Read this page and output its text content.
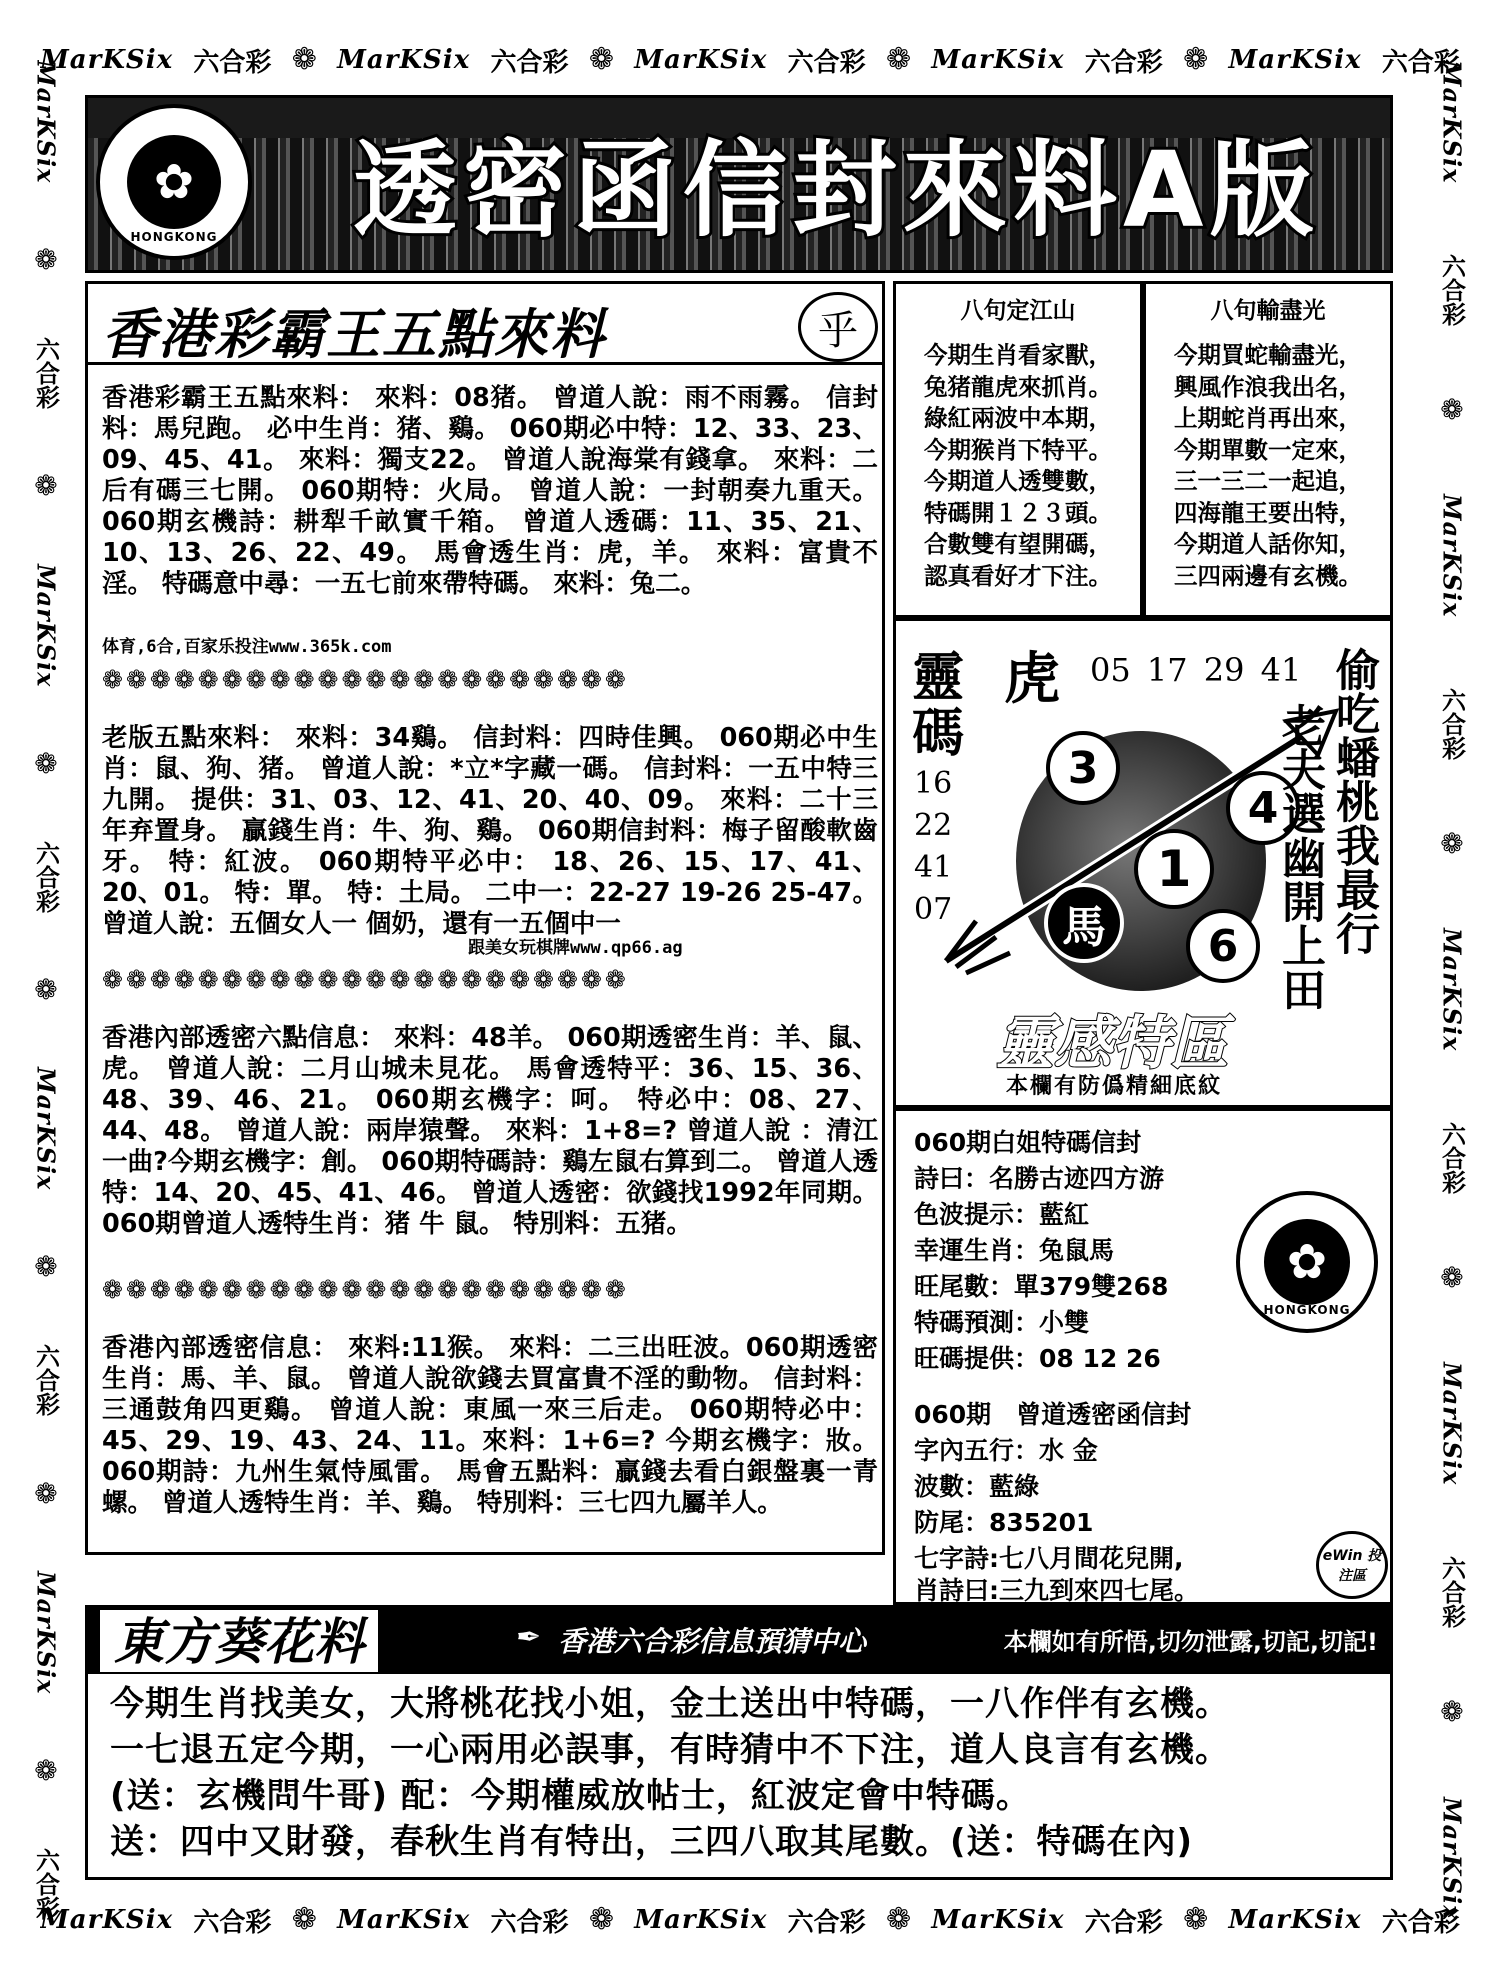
MarKSix 六合彩 ❁ MarKSix 六合彩 ❁ MarKSix 六合彩 ❁ MarKSix 六合彩 ❁ MarKSix 六合彩
MarKSix 六合彩 ❁ MarKSix 六合彩 ❁ MarKSix 六合彩 ❁ MarKSix 六合彩 ❁ MarKSix 六合彩
MarKSix
❁
六合彩
❁
MarKSix
❁
六合彩
❁
MarKSix
❁
六合彩
❁
MarKSix
❁
六合彩
MarKSix
六合彩
❁
MarKSix
六合彩
❁
MarKSix
六合彩
❁
MarKSix
六合彩
❁
MarKSix
✿
HONGKONG 透密函信封來料A版
香港彩霸王五點來料	乎
香港彩霸王五點來料： 來料：08猪。 曾道人說：雨不雨霧。 信封料：馬兒跑。 必中生肖：猪、鷄。 060期必中特：12、33、23、09、45、41。 來料：獨支22。 曾道人說海棠有錢拿。 來料：二后有碼三七開。 060期特：火局。 曾道人說：一封朝奏九重天。 060期玄機詩：耕犁千畝實千箱。 曾道人透碼：11、35、21、10、13、26、22、49。 馬會透生肖：虎，羊。 來料：富貴不淫。 特碼意中尋：一五七前來帶特碼。 來料：兔二。
体育,6合,百家乐投注www.365k.com
❁❁❁❁❁❁❁❁❁❁❁❁❁❁❁❁❁❁❁❁❁❁
老版五點來料： 來料：34鷄。 信封料：四時佳興。 060期必中生肖：鼠、狗、猪。 曾道人說：*立*字藏一碼。 信封料：一五中特三九開。 提供：31、03、12、41、20、40、09。 來料：二十三年弃置身。 贏錢生肖：牛、狗、鷄。 060期信封料：梅子留酸軟齒牙。 特：紅波。 060期特平必中： 18、26、15、17、41、20、01。 特：單。 特：土局。 二中一：22-27 19-26 25-47。 曾道人說：五個女人一 個奶，還有一五個中一
跟美女玩棋牌www.qp66.ag
❁❁❁❁❁❁❁❁❁❁❁❁❁❁❁❁❁❁❁❁❁❁
香港內部透密六點信息： 來料：48羊。 060期透密生肖：羊、鼠、虎。 曾道人說：二月山城未見花。 馬會透特平：36、15、36、48、39、46、21。 060期玄機字：呵。 特必中：08、27、44、48。 曾道人說：兩岸猿聲。 來料：1+8=? 曾道人說 ：清江一曲?今期玄機字：創。 060期特碼詩：鷄左鼠右算到二。 曾道人透特：14、20、45、41、46。 曾道人透密：欲錢找1992年同期。 060期曾道人透特生肖：猪 牛 鼠。 特別料：五猪。
❁❁❁❁❁❁❁❁❁❁❁❁❁❁❁❁❁❁❁❁❁❁
香港內部透密信息： 來料:11猴。 來料：二三出旺波。060期透密生肖：馬、羊、鼠。 曾道人說欲錢去買富貴不淫的動物。 信封料：三通鼓角四更鷄。 曾道人說：東風一來三后走。 060期特必中：45、29、19、43、24、11。來料：1+6=? 今期玄機字：妝。 060期詩：九州生氣恃風雷。 馬會五點料：贏錢去看白銀盤裏一青螺。 曾道人透特生肖：羊、鷄。 特別料：三七四九屬羊人。
八句定江山
今期生肖看家獸，
兔猪龍虎來抓肖。
綠紅兩波中本期，
今期猴肖下特平。
今期道人透雙數，
特碼開１２３頭。
合數雙有望開碼，
認真看好才下注。
八句輸盡光
今期買蛇輸盡光，
興風作浪我出名，
上期蛇肖再出來，
今期單數一定來，
三一三二一起追，
四海龍王要出特，
今期道人話你知，
三四兩邊有玄機。
靈
碼
虎 05 17 29 41
16
22
41
07
3
4
1
馬	6	偷吃蟠桃我最行
老夫選幽開上田
靈感特區
本欄有防僞精細底紋
060期白姐特碼信封
詩曰：名勝古迹四方游
色波提示：藍紅
幸運生肖：兔鼠馬
旺尾數：單379雙268
特碼預測：小雙
旺碼提供：08 12 26
✿
HONGKONG
060期　曾道透密函信封
字內五行：水 金
波數：藍綠
防尾：835201
七字詩:七八月間花兒開,
肖詩曰:三九到來四七尾。
eWin 投注區
東方葵花料	✒ 香港六合彩信息預猜中心	本欄如有所悟,切勿泄露,切記,切記!
今期生肖找美女，大將桃花找小姐，金土送出中特碼，一八作伴有玄機。
一七退五定今期，一心兩用必誤事，有時猜中不下注，道人良言有玄機。
(送：玄機問牛哥) 配：今期權威放帖士，紅波定會中特碼。
送：四中又財發，春秋生肖有特出，三四八取其尾數。(送：特碼在內)
